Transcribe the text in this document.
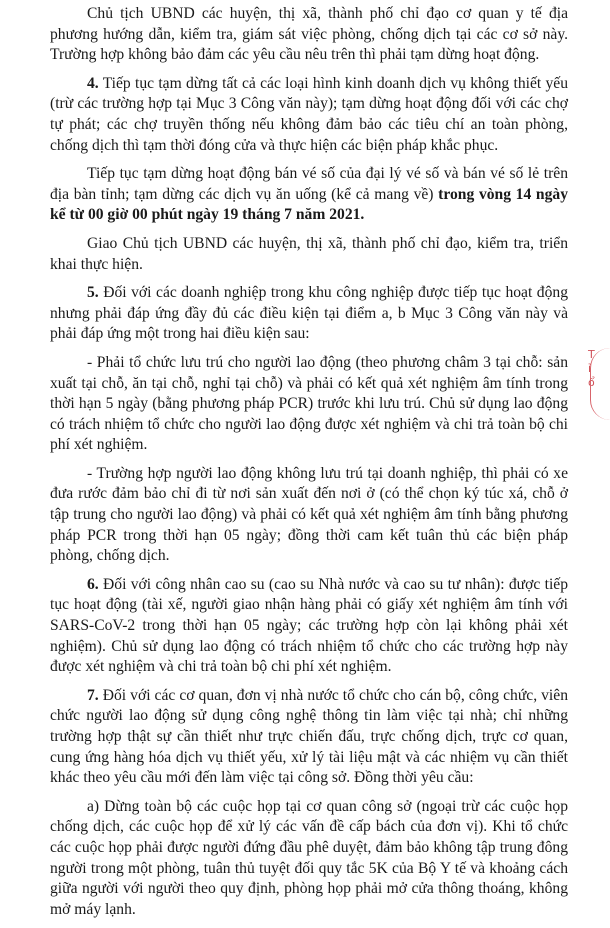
Chủ tịch UBND các huyện, thị xã, thành phố chỉ đạo cơ quan y tế địa phương hướng dẫn, kiểm tra, giám sát việc phòng, chống dịch tại các cơ sở này. Trường hợp không bảo đảm các yêu cầu nêu trên thì phải tạm dừng hoạt động.

4. Tiếp tục tạm dừng tất cả các loại hình kinh doanh dịch vụ không thiết yếu (trừ các trường hợp tại Mục 3 Công văn này); tạm dừng hoạt động đối với các chợ tự phát; các chợ truyền thống nếu không đảm bảo các tiêu chí an toàn phòng, chống dịch thì tạm thời đóng cửa và thực hiện các biện pháp khắc phục.

Tiếp tục tạm dừng hoạt động bán vé số của đại lý vé số và bán vé số lẻ trên địa bàn tỉnh; tạm dừng các dịch vụ ăn uống (kể cả mang về) trong vòng 14 ngày kể từ 00 giờ 00 phút ngày 19 tháng 7 năm 2021.

Giao Chủ tịch UBND các huyện, thị xã, thành phố chỉ đạo, kiểm tra, triển khai thực hiện.

5. Đối với các doanh nghiệp trong khu công nghiệp được tiếp tục hoạt động nhưng phải đáp ứng đầy đủ các điều kiện tại điểm a, b Mục 3 Công văn này và phải đáp ứng một trong hai điều kiện sau:

- Phải tổ chức lưu trú cho người lao động (theo phương châm 3 tại chỗ: sản xuất tại chỗ, ăn tại chỗ, nghỉ tại chỗ) và phải có kết quả xét nghiệm âm tính trong thời hạn 5 ngày (bằng phương pháp PCR) trước khi lưu trú. Chủ sử dụng lao động có trách nhiệm tổ chức cho người lao động được xét nghiệm và chi trả toàn bộ chi phí xét nghiệm.

- Trường hợp người lao động không lưu trú tại doanh nghiệp, thì phải có xe đưa rước đảm bảo chỉ đi từ nơi sản xuất đến nơi ở (có thể chọn ký túc xá, chỗ ở tập trung cho người lao động) và phải có kết quả xét nghiệm âm tính bằng phương pháp PCR trong thời hạn 05 ngày; đồng thời cam kết tuân thủ các biện pháp phòng, chống dịch.

6. Đối với công nhân cao su (cao su Nhà nước và cao su tư nhân): được tiếp tục hoạt động (tài xế, người giao nhận hàng phải có giấy xét nghiệm âm tính với SARS-CoV-2 trong thời hạn 05 ngày; các trường hợp còn lại không phải xét nghiệm). Chủ sử dụng lao động có trách nhiệm tổ chức cho các trường hợp này được xét nghiệm và chi trả toàn bộ chi phí xét nghiệm.

7. Đối với các cơ quan, đơn vị nhà nước tổ chức cho cán bộ, công chức, viên chức người lao động sử dụng công nghệ thông tin làm việc tại nhà; chỉ những trường hợp thật sự cần thiết như trực chiến đấu, trực chống dịch, trực cơ quan, cung ứng hàng hóa dịch vụ thiết yếu, xử lý tài liệu mật và các nhiệm vụ cần thiết khác theo yêu cầu mới đến làm việc tại công sở. Đồng thời yêu cầu:

a) Dừng toàn bộ các cuộc họp tại cơ quan công sở (ngoại trừ các cuộc họp chống dịch, các cuộc họp để xử lý các vấn đề cấp bách của đơn vị). Khi tổ chức các cuộc họp phải được người đứng đầu phê duyệt, đảm bảo không tập trung đông người trong một phòng, tuân thủ tuyệt đối quy tắc 5K của Bộ Y tế và khoảng cách giữa người với người theo quy định, phòng họp phải mở cửa thông thoáng, không mở máy lạnh.

T
ỉ
ổ
